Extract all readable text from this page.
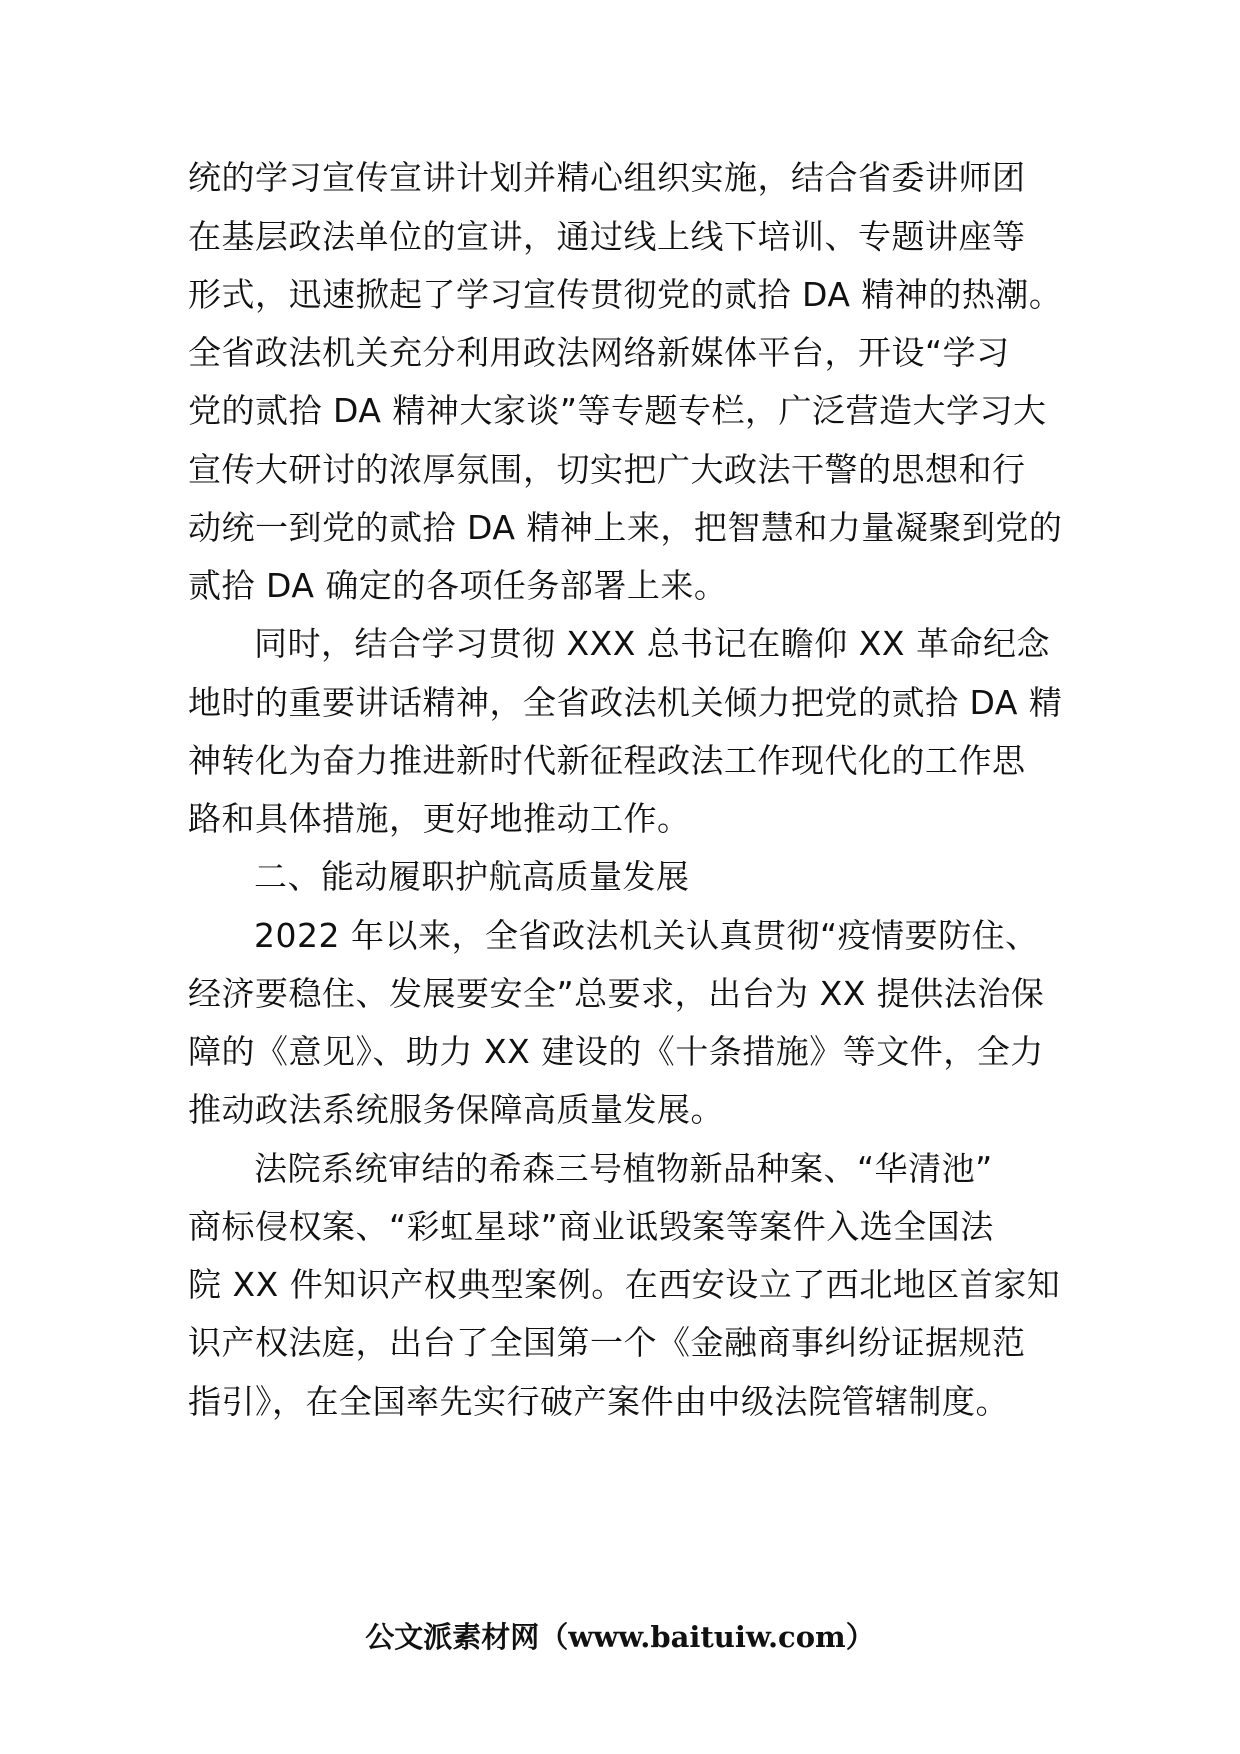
统的学习宣传宣讲计划并精心组织实施，结合省委讲师团
在基层政法单位的宣讲，通过线上线下培训、专题讲座等
形式，迅速掀起了学习宣传贯彻党的贰拾 DA 精神的热潮。
全省政法机关充分利用政法网络新媒体平台，开设“学习
党的贰拾 DA 精神大家谈”等专题专栏，广泛营造大学习大
宣传大研讨的浓厚氛围，切实把广大政法干警的思想和行
动统一到党的贰拾 DA 精神上来，把智慧和力量凝聚到党的
贰拾 DA 确定的各项任务部署上来。
同时，结合学习贯彻 XXX 总书记在瞻仰 XX 革命纪念
地时的重要讲话精神，全省政法机关倾力把党的贰拾 DA 精
神转化为奋力推进新时代新征程政法工作现代化的工作思
路和具体措施，更好地推动工作。
二、能动履职护航高质量发展
2022 年以来，全省政法机关认真贯彻“疫情要防住、
经济要稳住、发展要安全”总要求，出台为 XX 提供法治保
障的《意见》、助力 XX 建设的《十条措施》等文件，全力
推动政法系统服务保障高质量发展。
法院系统审结的希森三号植物新品种案、“华清池”
商标侵权案、“彩虹星球”商业诋毁案等案件入选全国法
院 XX 件知识产权典型案例。在西安设立了西北地区首家知
识产权法庭，出台了全国第一个《金融商事纠纷证据规范
指引》，在全国率先实行破产案件由中级法院管辖制度。
公文派素材网（www.baituiw.com）
